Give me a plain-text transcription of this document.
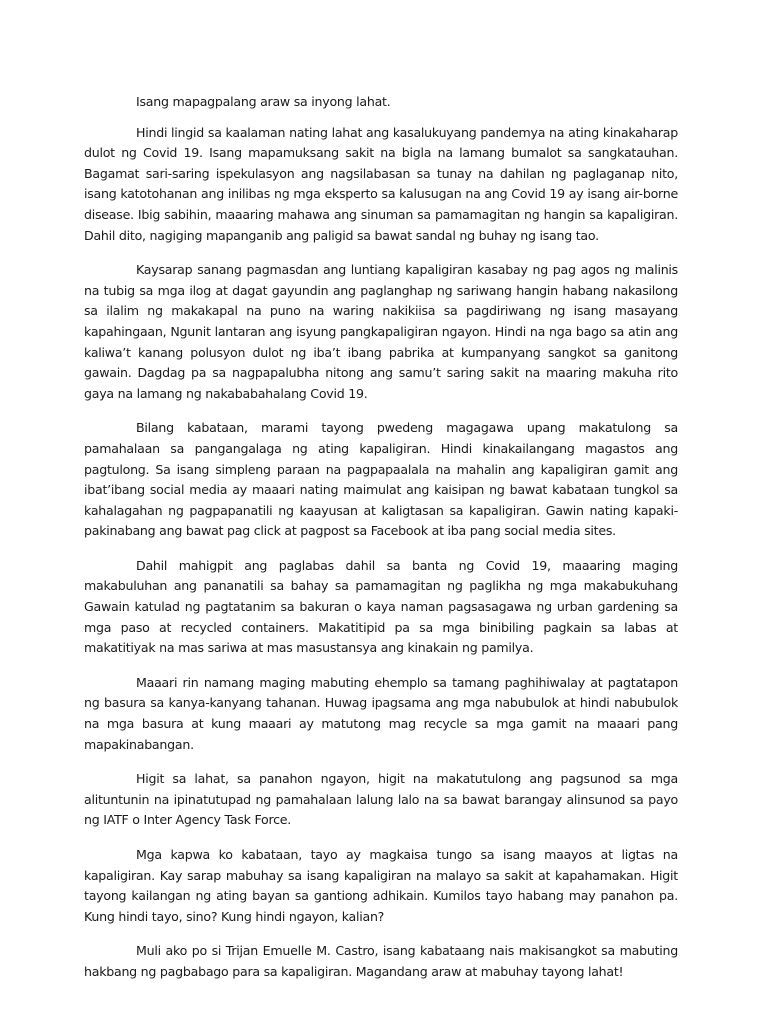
Isang mapagpalang araw sa inyong lahat.

Hindi lingid sa kaalaman nating lahat ang kasalukuyang pandemya na ating kinakaharap dulot ng Covid 19. Isang mapamuksang sakit na bigla na lamang bumalot sa sangkatauhan. Bagamat sari-saring ispekulasyon ang nagsilabasan sa tunay na dahilan ng paglaganap nito, isang katotohanan ang inilibas ng mga eksperto sa kalusugan na ang Covid 19 ay isang air-borne disease. Ibig sabihin, maaaring mahawa ang sinuman sa pamamagitan ng hangin sa kapaligiran. Dahil dito, nagiging mapanganib ang paligid sa bawat sandal ng buhay ng isang tao.

Kaysarap sanang pagmasdan ang luntiang kapaligiran kasabay ng pag agos ng malinis na tubig sa mga ilog at dagat gayundin ang paglanghap ng sariwang hangin habang nakasilong sa ilalim ng makakapal na puno na waring nakikiisa sa pagdiriwang ng isang masayang kapahingaan, Ngunit lantaran ang isyung pangkapaligiran ngayon. Hindi na nga bago sa atin ang kaliwa’t kanang polusyon dulot ng iba’t ibang pabrika at kumpanyang sangkot sa ganitong gawain. Dagdag pa sa nagpapalubha nitong ang samu’t saring sakit na maaring makuha rito gaya na lamang ng nakababahalang Covid 19.

Bilang kabataan, marami tayong pwedeng magagawa upang makatulong sa pamahalaan sa pangangalaga ng ating kapaligiran. Hindi kinakailangang magastos ang pagtulong. Sa isang simpleng paraan na pagpapaalala na mahalin ang kapaligiran gamit ang ibat’ibang social media ay maaari nating maimulat ang kaisipan ng bawat kabataan tungkol sa kahalagahan ng pagpapanatili ng kaayusan at kaligtasan sa kapaligiran. Gawin nating kapaki-pakinabang ang bawat pag click at pagpost sa Facebook at iba pang social media sites.

Dahil mahigpit ang paglabas dahil sa banta ng Covid 19, maaaring maging makabuluhan ang pananatili sa bahay sa pamamagitan ng paglikha ng mga makabukuhang Gawain katulad ng pagtatanim sa bakuran o kaya naman pagsasagawa ng urban gardening sa mga paso at recycled containers. Makatitipid pa sa mga binibiling pagkain sa labas at makatitiyak na mas sariwa at mas masustansya ang kinakain ng pamilya.

Maaari rin namang maging mabuting ehemplo sa tamang paghihiwalay at pagtatapon ng basura sa kanya-kanyang tahanan. Huwag ipagsama ang mga nabubulok at hindi nabubulok na mga basura at kung maaari ay matutong mag recycle sa mga gamit na maaari pang mapakinabangan.

Higit sa lahat, sa panahon ngayon, higit na makatutulong ang pagsunod sa mga alituntunin na ipinatutupad ng pamahalaan lalung lalo na sa bawat barangay alinsunod sa payo ng IATF o Inter Agency Task Force.

Mga kapwa ko kabataan, tayo ay magkaisa tungo sa isang maayos at ligtas na kapaligiran. Kay sarap mabuhay sa isang kapaligiran na malayo sa sakit at kapahamakan. Higit tayong kailangan ng ating bayan sa gantiong adhikain. Kumilos tayo habang may panahon pa. Kung hindi tayo, sino? Kung hindi ngayon, kalian?

Muli ako po si Trijan Emuelle M. Castro, isang kabataang nais makisangkot sa mabuting hakbang ng pagbabago para sa kapaligiran. Magandang araw at mabuhay tayong lahat!
